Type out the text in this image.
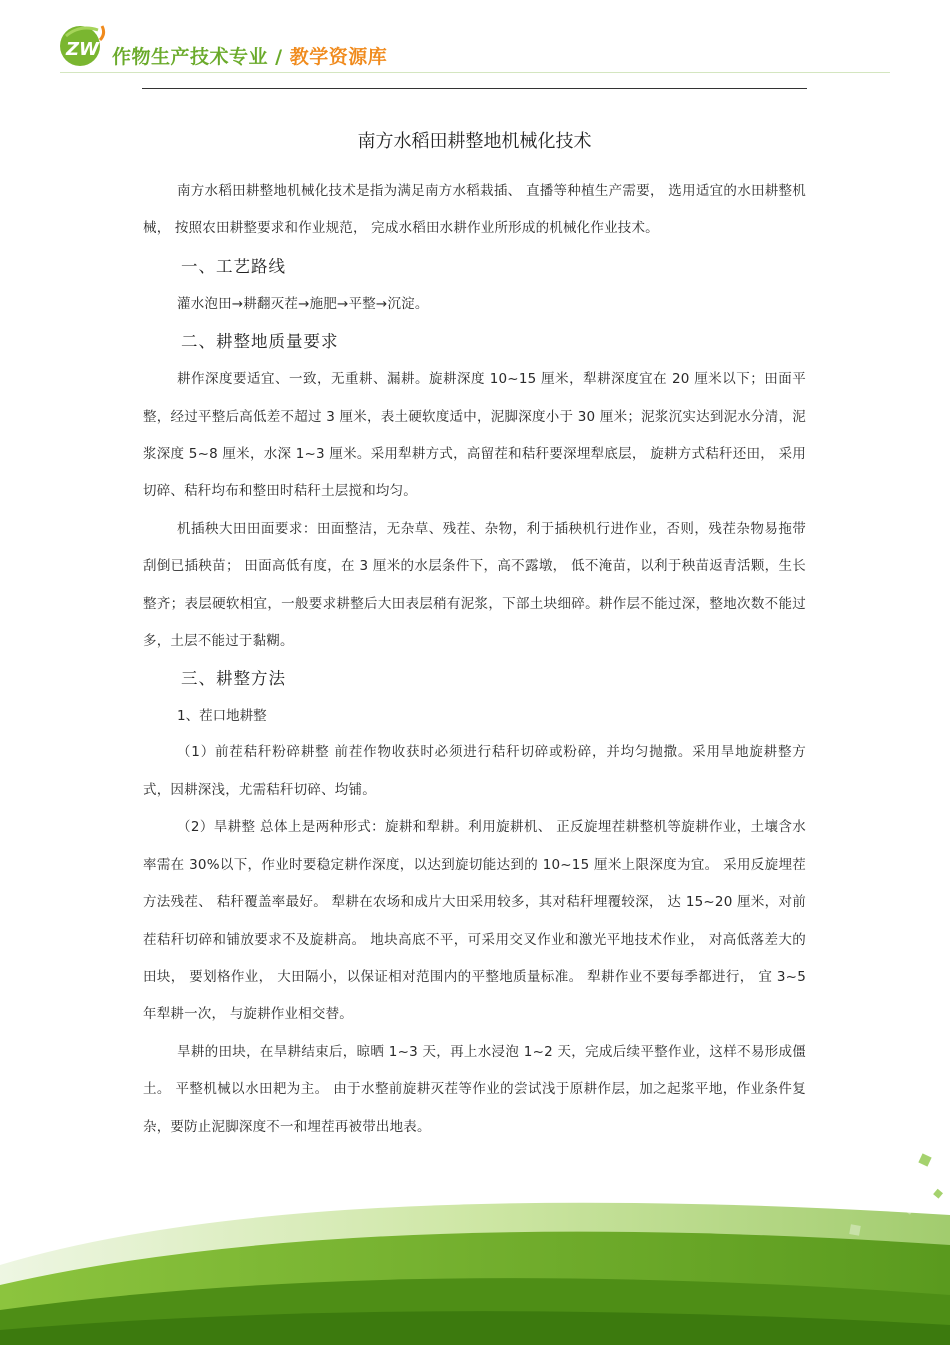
ZW 作物生产技术专业 / 教学资源库
南方水稻田耕整地机械化技术

南方水稻田耕整地机械化技术是指为满足南方水稻栽插、 直播等种植生产需要， 选用适宜的水田耕整机械， 按照农田耕整要求和作业规范， 完成水稻田水耕作业所形成的机械化作业技术。

一、工艺路线

灌水泡田→耕翻灭茬→施肥→平整→沉淀。

二、耕整地质量要求

耕作深度要适宜、一致，无重耕、漏耕。旋耕深度 10~15 厘米，犁耕深度宜在 20 厘米以下；田面平整，经过平整后高低差不超过 3 厘米，表土硬软度适中，泥脚深度小于 30 厘米；泥浆沉实达到泥水分清，泥浆深度 5~8 厘米，水深 1~3 厘米。采用犁耕方式，高留茬和秸秆要深埋犁底层， 旋耕方式秸秆还田， 采用切碎、秸秆均布和整田时秸秆土层搅和均匀。

机插秧大田田面要求：田面整洁，无杂草、残茬、杂物，利于插秧机行进作业，否则，残茬杂物易拖带刮倒已插秧苗； 田面高低有度，在 3 厘米的水层条件下，高不露墩， 低不淹苗，以利于秧苗返青活颗，生长整齐；表层硬软相宜，一般要求耕整后大田表层稍有泥浆，下部土块细碎。耕作层不能过深，整地次数不能过多，土层不能过于黏糊。

三、耕整方法
1、茬口地耕整

（1）前茬秸秆粉碎耕整 前茬作物收获时必须进行秸秆切碎或粉碎，并均匀抛撒。采用旱地旋耕整方式，因耕深浅，尤需秸秆切碎、均铺。

（2）旱耕整 总体上是两种形式：旋耕和犁耕。利用旋耕机、 正反旋埋茬耕整机等旋耕作业，土壤含水率需在 30%以下，作业时要稳定耕作深度，以达到旋切能达到的 10~15 厘米上限深度为宜。 采用反旋埋茬方法残茬、 秸秆覆盖率最好。 犁耕在农场和成片大田采用较多，其对秸秆埋覆较深， 达 15~20 厘米，对前茬秸秆切碎和铺放要求不及旋耕高。 地块高底不平，可采用交叉作业和激光平地技术作业， 对高低落差大的田块， 要划格作业， 大田隔小，以保证相对范围内的平整地质量标准。 犁耕作业不要每季都进行， 宜 3~5 年犁耕一次， 与旋耕作业相交替。

旱耕的田块，在旱耕结束后，晾晒 1~3 天，再上水浸泡 1~2 天，完成后续平整作业，这样不易形成僵土。 平整机械以水田耙为主。 由于水整前旋耕灭茬等作业的尝试浅于原耕作层，加之起浆平地，作业条件复杂，要防止泥脚深度不一和埋茬再被带出地表。
